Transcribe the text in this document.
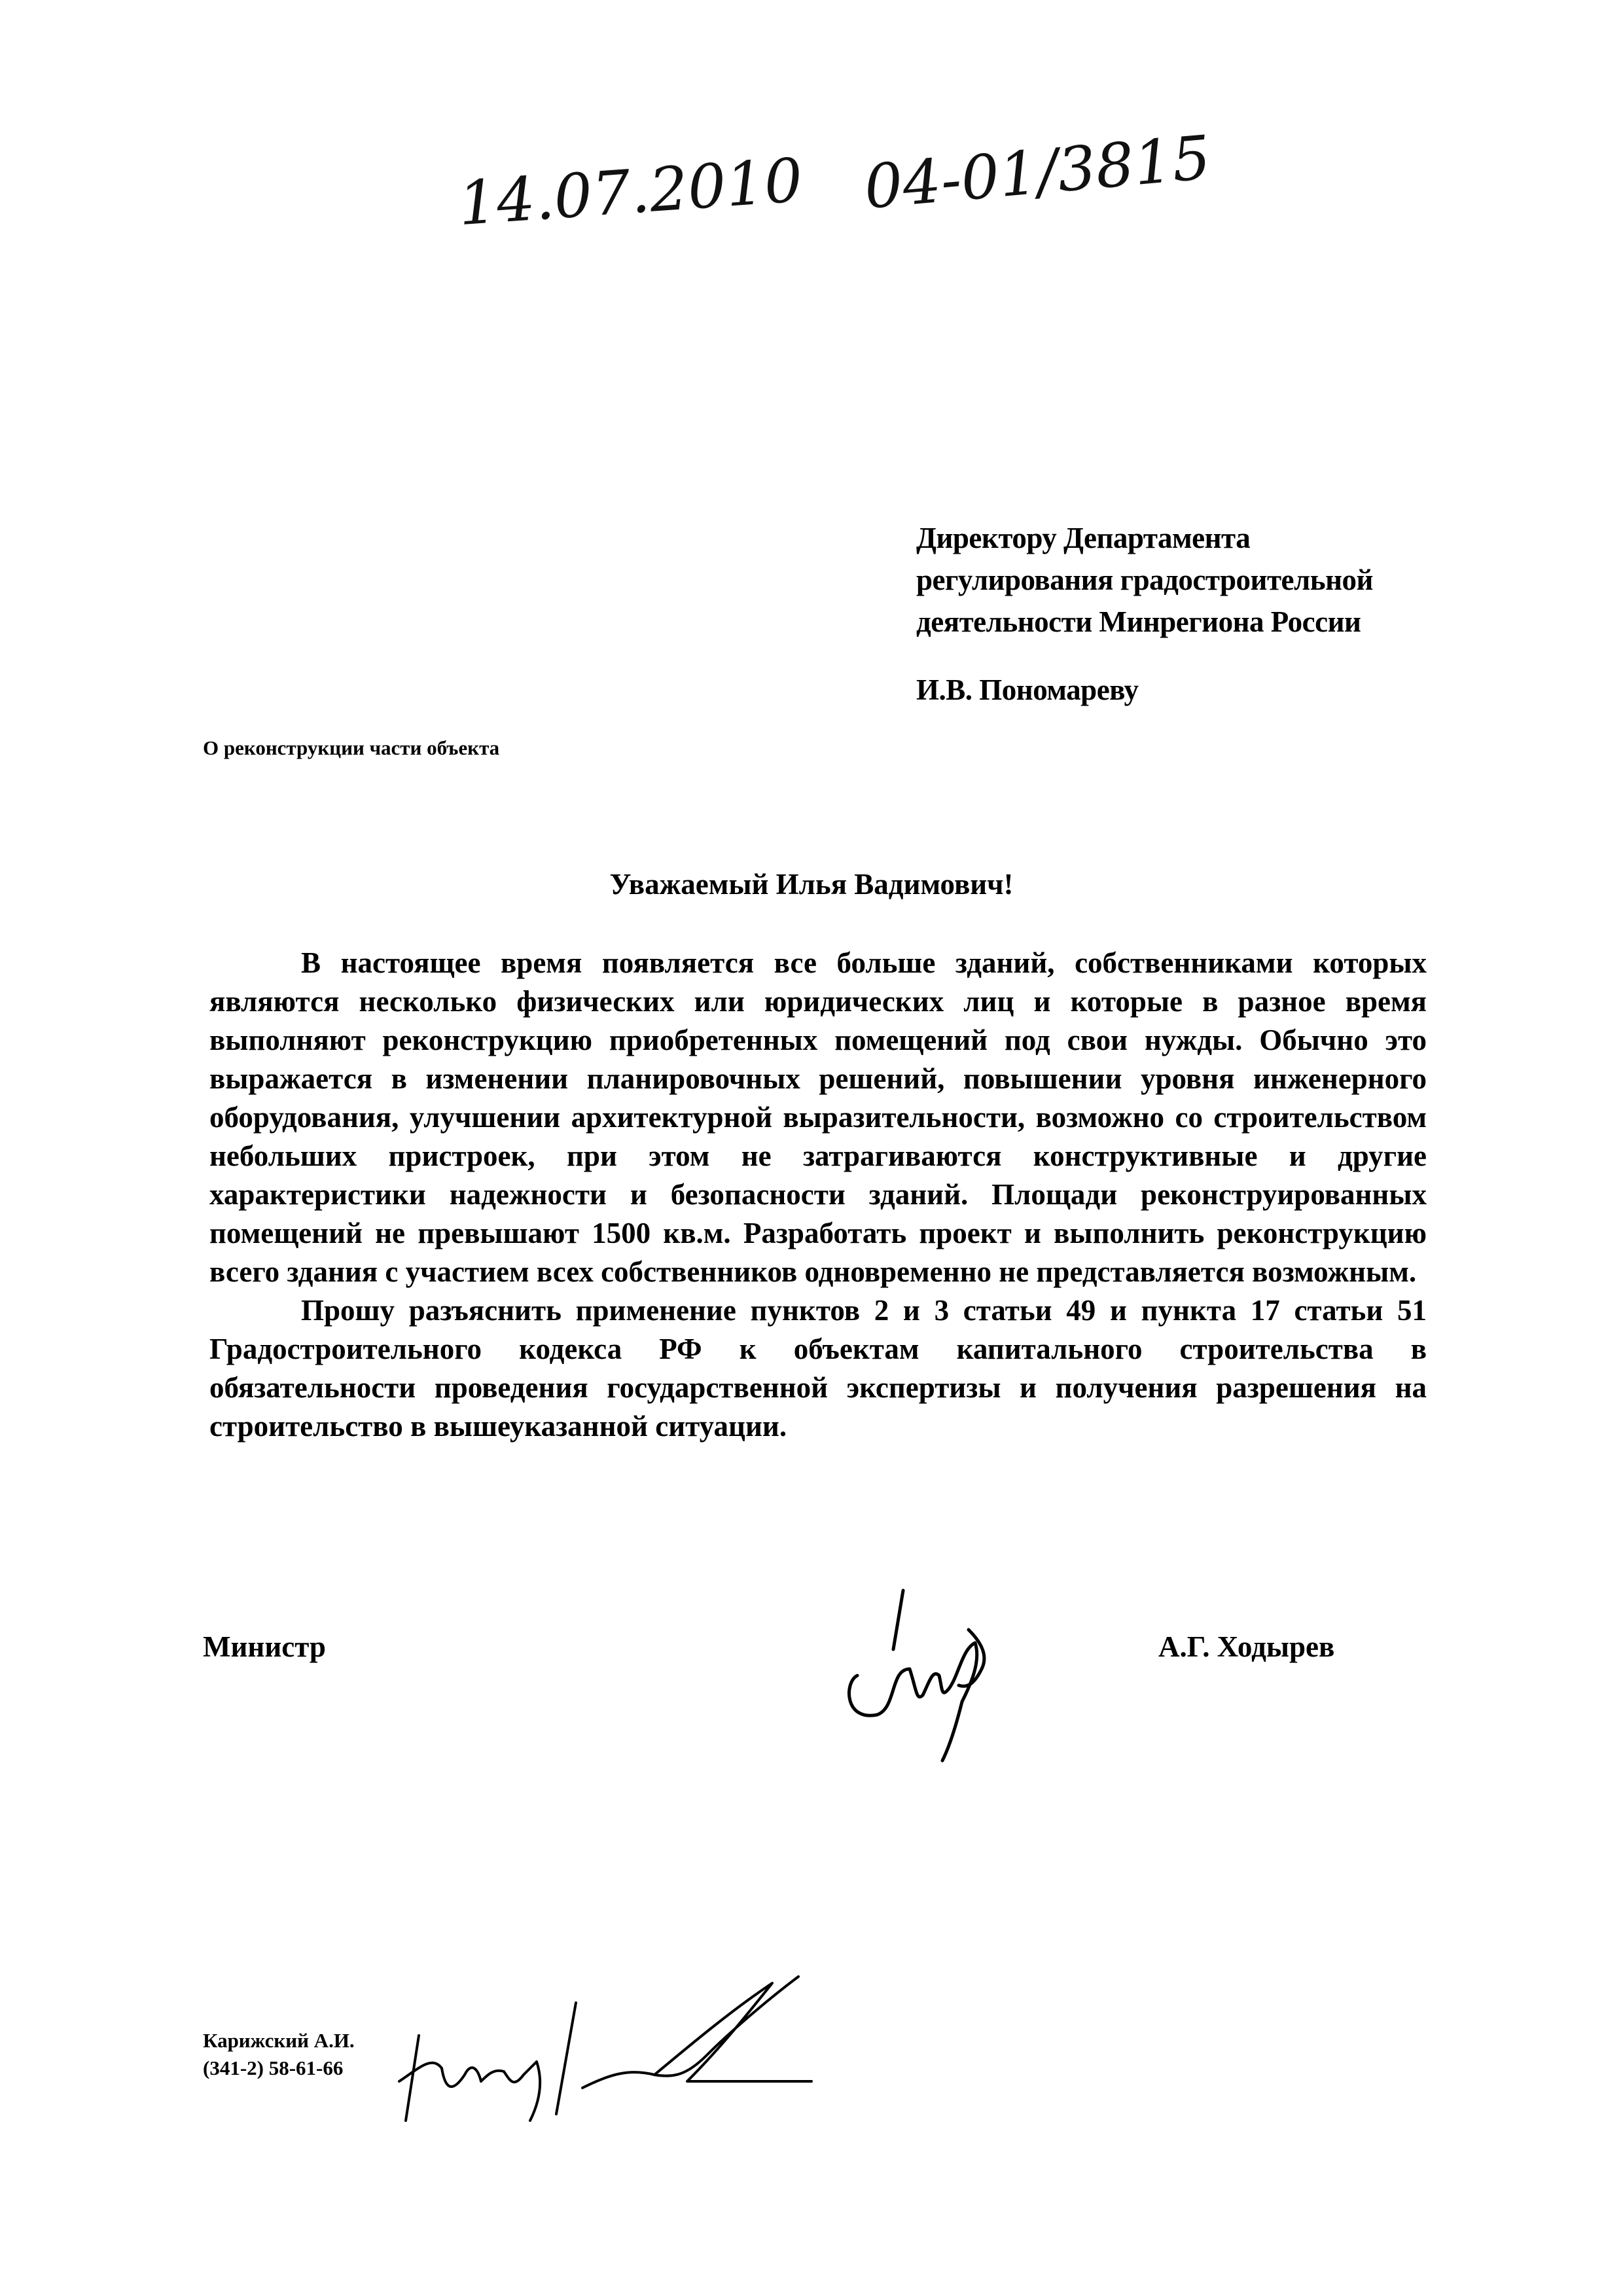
14.07.2010 04-01/3815
Директору Департамента
регулирования градостроительной
деятельности Минрегиона России
И.В. Пономареву
О реконструкции части объекта
Уважаемый Илья Вадимович!

В настоящее время появляется все больше зданий, собственниками которых являются несколько физических или юридических лиц и которые в разное время выполняют реконструкцию приобретенных помещений под свои нужды. Обычно это выражается в изменении планировочных решений, повышении уровня инженерного оборудования, улучшении архитектурной выразительности, возможно со строительством небольших пристроек, при этом не затрагиваются конструктивные и другие характеристики надежности и безопасности зданий. Площади реконструированных помещений не превышают 1500 кв.м. Разработать проект и выполнить реконструкцию всего здания с участием всех собственников одновременно не представляется возможным.

Прошу разъяснить применение пунктов 2 и 3 статьи 49 и пункта 17 статьи 51 Градостроительного кодекса РФ к объектам капитального строительства в обязательности проведения государственной экспертизы и получения разрешения на строительство в вышеуказанной ситуации.

Министр	А.Г. Ходырев
Карижский А.И.
(341-2) 58-61-66
